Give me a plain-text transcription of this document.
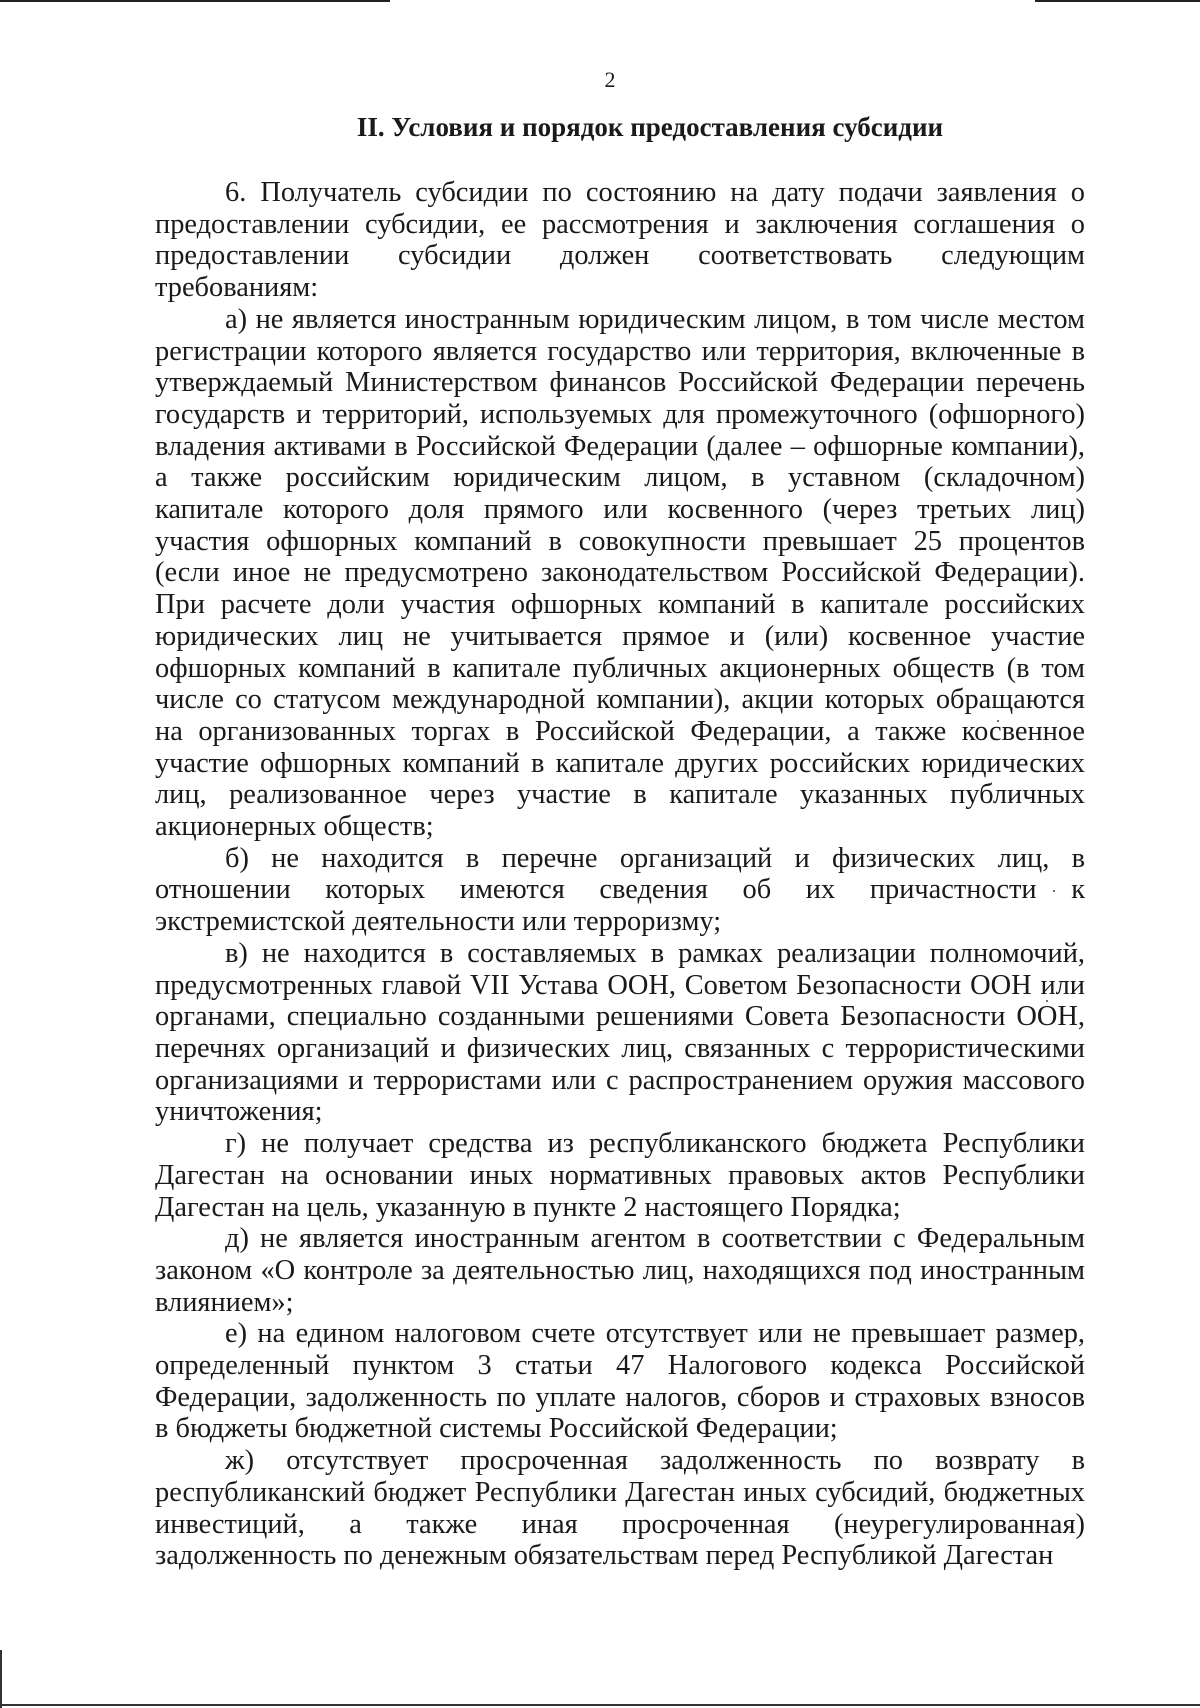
2
II. Условия и порядок предоставления субсидии

6. Получатель субсидии по состоянию на дату подачи заявления о предоставлении субсидии, ее рассмотрения и заключения соглашения о предоставлении субсидии должен соответствовать следующим требованиям:

а) не является иностранным юридическим лицом, в том числе местом регистрации которого является государство или территория, включенные в утверждаемый Министерством финансов Российской Федерации перечень государств и территорий, используемых для промежуточного (офшорного) владения активами в Российской Федерации (далее – офшорные компании), а также российским юридическим лицом, в уставном (складочном) капитале которого доля прямого или косвенного (через третьих лиц) участия офшорных компаний в совокупности превышает 25 процентов (если иное не предусмотрено законодательством Российской Федерации). При расчете доли участия офшорных компаний в капитале российских юридических лиц не учитывается прямое и (или) косвенное участие офшорных компаний в капитале публичных акционерных обществ (в том числе со статусом международной компании), акции которых обращаются на организованных торгах в Российской Федерации, а также косвенное участие офшорных компаний в капитале других российских юридических лиц, реализованное через участие в капитале указанных публичных акционерных обществ;

б) не находится в перечне организаций и физических лиц, в отношении которых имеются сведения об их причастности к экстремистской деятельности или терроризму;

в) не находится в составляемых в рамках реализации полномочий, предусмотренных главой VII Устава ООН, Советом Безопасности ООН или органами, специально созданными решениями Совета Безопасности ООН, перечнях организаций и физических лиц, связанных с террористическими организациями и террористами или с распространением оружия массового уничтожения;

г) не получает средства из республиканского бюджета Республики Дагестан на основании иных нормативных правовых актов Республики Дагестан на цель, указанную в пункте 2 настоящего Порядка;

д) не является иностранным агентом в соответствии с Федеральным законом «О контроле за деятельностью лиц, находящихся под иностранным влиянием»;

е) на едином налоговом счете отсутствует или не превышает размер, определенный пунктом 3 статьи 47 Налогового кодекса Российской Федерации, задолженность по уплате налогов, сборов и страховых взносов в бюджеты бюджетной системы Российской Федерации;

ж) отсутствует просроченная задолженность по возврату в республиканский бюджет Республики Дагестан иных субсидий, бюджетных инвестиций, а также иная просроченная (неурегулированная) задолженность по денежным обязательствам перед Республикой Дагестан
